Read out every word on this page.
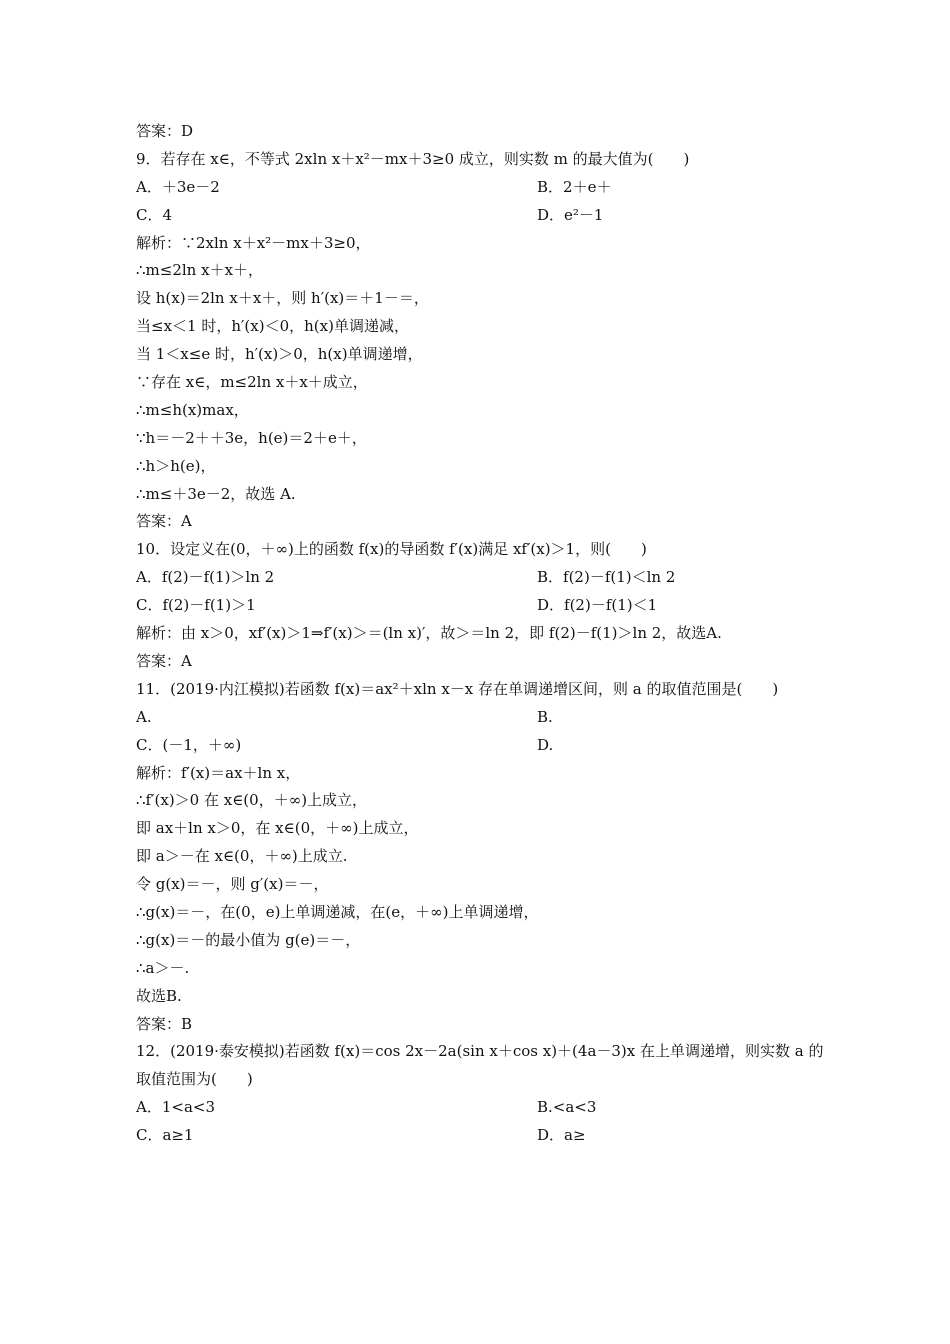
答案：D
9．若存在 x∈，不等式 2xln x＋x²－mx＋3≥0 成立，则实数 m 的最大值为(　　)
A．＋3e－2	B．2＋e＋
C．4	D．e²－1
解析：∵2xln x＋x²－mx＋3≥0，
∴m≤2ln x＋x＋，
设 h(x)＝2ln x＋x＋，则 h′(x)＝＋1－＝，
当≤x＜1 时，h′(x)＜0，h(x)单调递减，
当 1＜x≤e 时，h′(x)＞0，h(x)单调递增，
∵存在 x∈，m≤2ln x＋x＋成立，
∴m≤h(x)max，
∵h＝－2＋＋3e，h(e)＝2＋e＋，
∴h＞h(e)，
∴m≤＋3e－2，故选 A.
答案：A
10．设定义在(0，＋∞)上的函数 f(x)的导函数 f′(x)满足 xf′(x)＞1，则(　　)
A．f(2)－f(1)＞ln 2	B．f(2)－f(1)＜ln 2
C．f(2)－f(1)＞1	D．f(2)－f(1)＜1
解析：由 x＞0，xf′(x)＞1⇒f′(x)＞＝(ln x)′，故＞＝ln 2，即 f(2)－f(1)＞ln 2，故选A.
答案：A
11．(2019·内江模拟)若函数 f(x)＝ax²＋xln x－x 存在单调递增区间，则 a 的取值范围是(　　)
A.	B.
C．(－1，＋∞)	D.
解析：f′(x)＝ax＋ln x，
∴f′(x)＞0 在 x∈(0，＋∞)上成立，
即 ax＋ln x＞0，在 x∈(0，＋∞)上成立，
即 a＞－在 x∈(0，＋∞)上成立.
令 g(x)＝－，则 g′(x)＝－，
∴g(x)＝－，在(0，e)上单调递减，在(e，＋∞)上单调递增，
∴g(x)＝－的最小值为 g(e)＝－，
∴a＞－.
故选B.
答案：B
12．(2019·泰安模拟)若函数 f(x)＝cos 2x－2a(sin x＋cos x)＋(4a－3)x 在上单调递增，则实数 a 的取值范围为(　　)
A．1<a<3	B.<a<3
C．a≥1	D．a≥
